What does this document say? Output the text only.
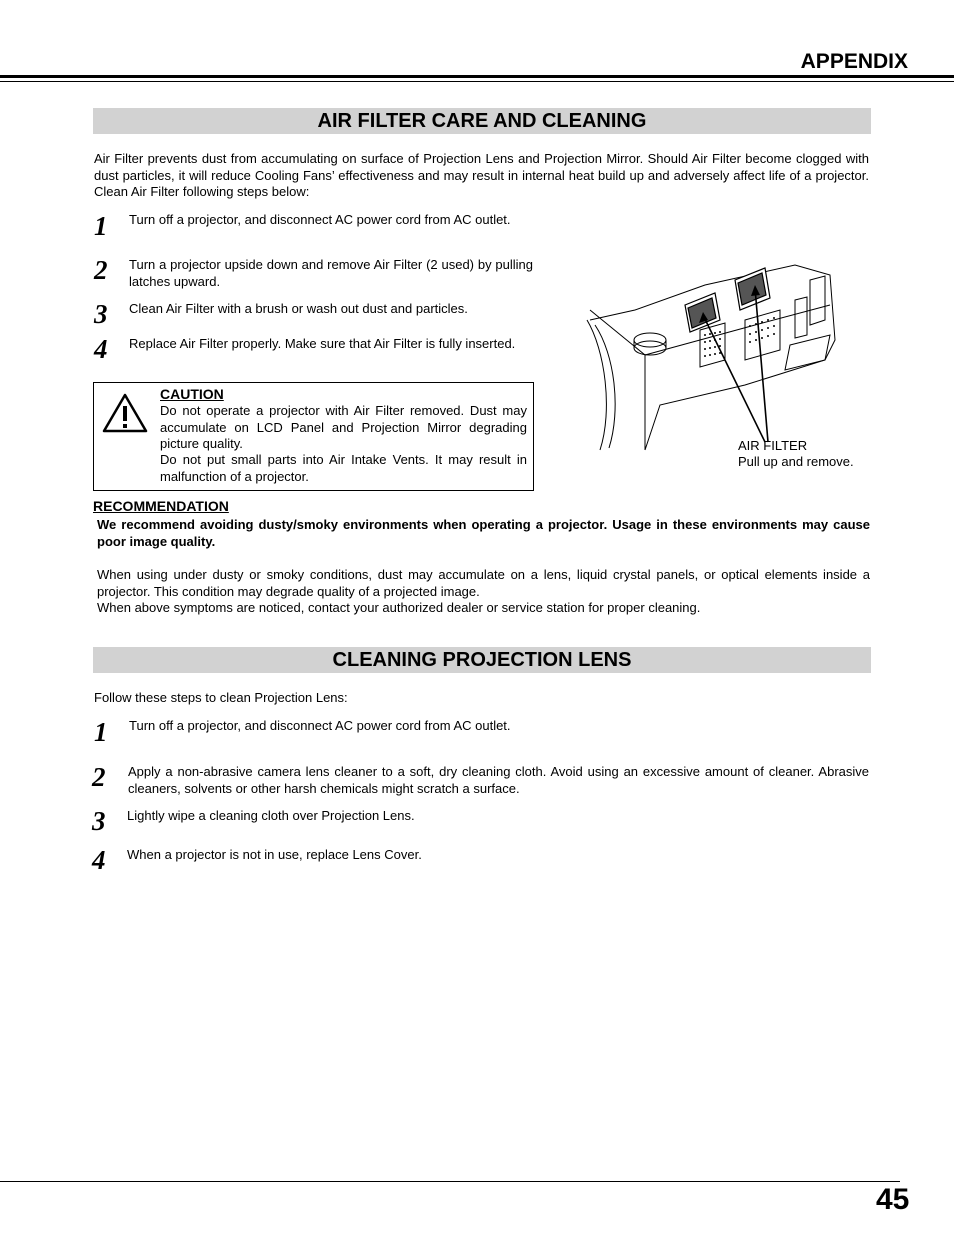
APPENDIX
AIR FILTER CARE AND CLEANING
Air Filter prevents dust from accumulating on surface of Projection Lens and Projection Mirror. Should Air Filter become clogged with dust particles, it will reduce Cooling Fans’ effectiveness and may result in internal heat build up and adversely affect life of a projector. Clean Air Filter following steps below:
1 Turn off a projector, and disconnect AC power cord from AC outlet.
2 Turn a projector upside down and remove Air Filter (2 used) by pulling latches upward.
3 Clean Air Filter with a brush or wash out dust and particles.
4 Replace Air Filter properly. Make sure that Air Filter is fully inserted.
CAUTION
Do not operate a projector with Air Filter removed. Dust may accumulate on LCD Panel and Projection Mirror degrading picture quality.
Do not put small parts into Air Intake Vents. It may result in malfunction of a projector.
AIR FILTER
Pull up and remove.
RECOMMENDATION
We recommend avoiding dusty/smoky environments when operating a projector. Usage in these environments may cause poor image quality.
When using under dusty or smoky conditions, dust may accumulate on a lens, liquid crystal panels, or optical elements inside a projector. This condition may degrade quality of a projected image.
When above symptoms are noticed, contact your authorized dealer or service station for proper cleaning.
CLEANING PROJECTION LENS
Follow these steps to clean Projection Lens:
1 Turn off a projector, and disconnect AC power cord from AC outlet.
2 Apply a non-abrasive camera lens cleaner to a soft, dry cleaning cloth. Avoid using an excessive amount of cleaner. Abrasive cleaners, solvents or other harsh chemicals might scratch a surface.
3 Lightly wipe a cleaning cloth over Projection Lens.
4 When a projector is not in use, replace Lens Cover.
45
